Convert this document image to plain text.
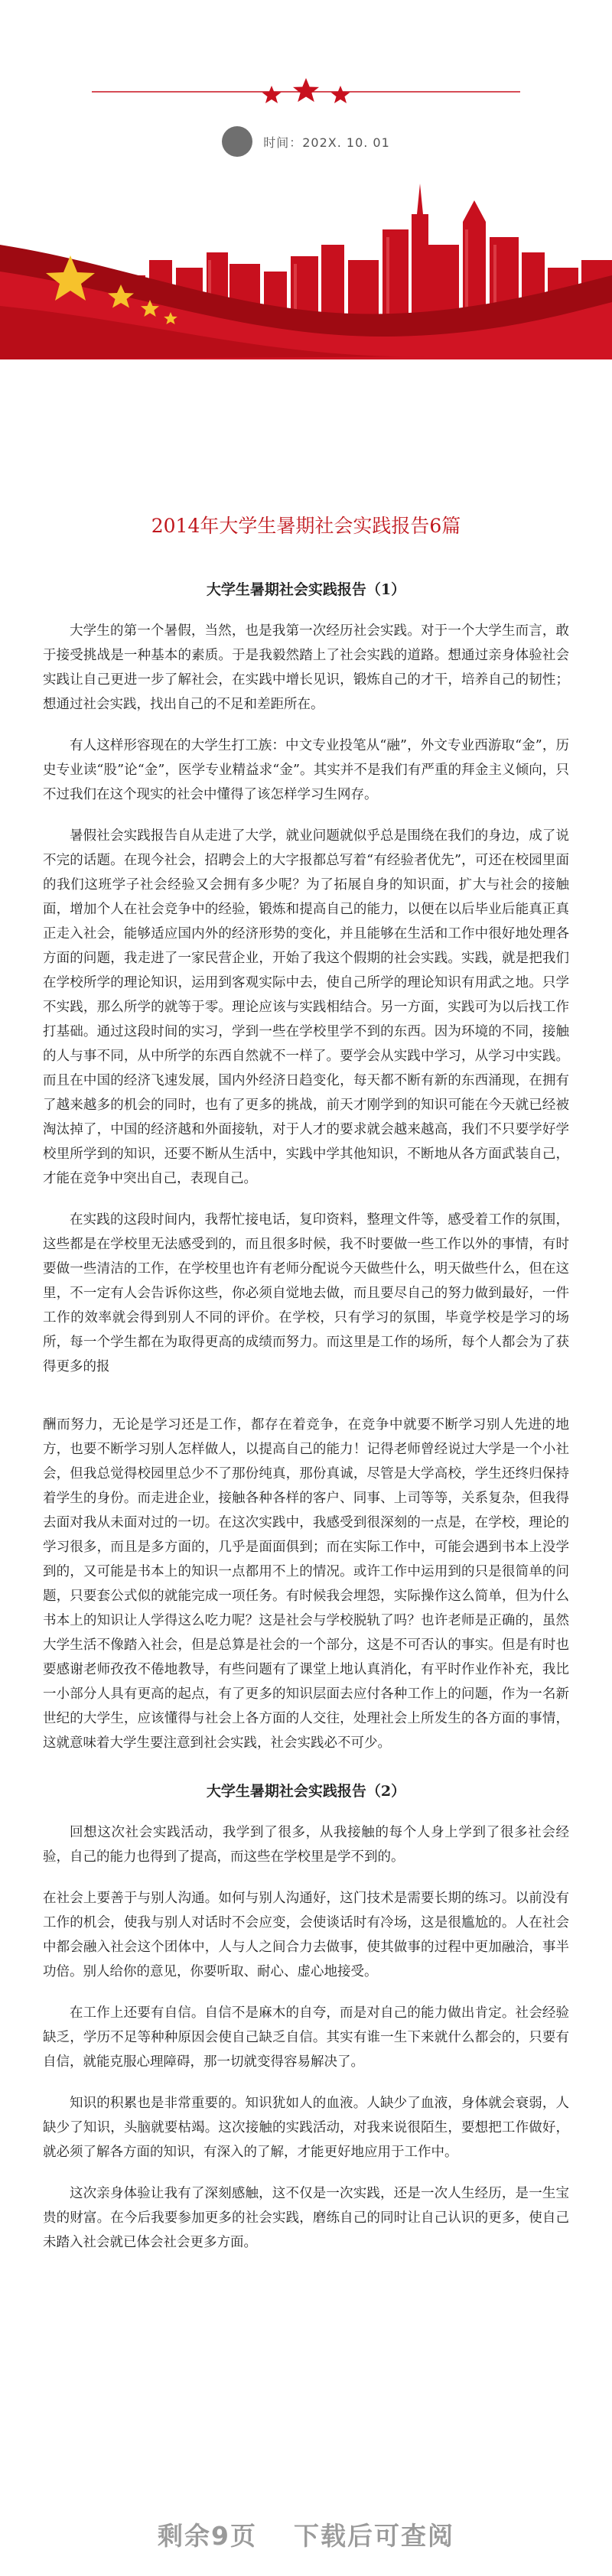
时间：202X. 10. 01
2014年大学生暑期社会实践报告6篇
大学生暑期社会实践报告（1）

大学生的第一个暑假，当然，也是我第一次经历社会实践。对于一个大学生而言，敢于接受挑战是一种基本的素质。于是我毅然踏上了社会实践的道路。想通过亲身体验社会实践让自己更进一步了解社会，在实践中增长见识，锻炼自己的才干，培养自己的韧性；想通过社会实践，找出自己的不足和差距所在。

有人这样形容现在的大学生打工族：中文专业投笔从“融”，外文专业西游取“金”，历史专业读“股”论“金”，医学专业精益求“金”。其实并不是我们有严重的拜金主义倾向，只不过我们在这个现实的社会中懂得了该怎样学习生网存。

暑假社会实践报告自从走进了大学，就业问题就似乎总是围绕在我们的身边，成了说不完的话题。在现今社会，招聘会上的大字报都总写着“有经验者优先”，可还在校园里面的我们这班学子社会经验又会拥有多少呢？为了拓展自身的知识面，扩大与社会的接触面，增加个人在社会竞争中的经验，锻炼和提高自己的能力，以便在以后毕业后能真正真正走入社会，能够适应国内外的经济形势的变化，并且能够在生活和工作中很好地处理各方面的问题，我走进了一家民营企业，开始了我这个假期的社会实践。实践，就是把我们在学校所学的理论知识，运用到客观实际中去，使自己所学的理论知识有用武之地。只学不实践，那么所学的就等于零。理论应该与实践相结合。另一方面，实践可为以后找工作打基础。通过这段时间的实习，学到一些在学校里学不到的东西。因为环境的不同，接触的人与事不同，从中所学的东西自然就不一样了。要学会从实践中学习，从学习中实践。而且在中国的经济飞速发展，国内外经济日趋变化，每天都不断有新的东西涌现，在拥有了越来越多的机会的同时，也有了更多的挑战，前天才刚学到的知识可能在今天就已经被淘汰掉了，中国的经济越和外面接轨，对于人才的要求就会越来越高，我们不只要学好学校里所学到的知识，还要不断从生活中，实践中学其他知识，不断地从各方面武装自己，才能在竞争中突出自己，表现自己。

在实践的这段时间内，我帮忙接电话，复印资料，整理文件等，感受着工作的氛围，这些都是在学校里无法感受到的，而且很多时候，我不时要做一些工作以外的事情，有时要做一些清洁的工作，在学校里也许有老师分配说今天做些什么，明天做些什么，但在这里，不一定有人会告诉你这些，你必须自觉地去做，而且要尽自己的努力做到最好，一件工作的效率就会得到别人不同的评价。在学校，只有学习的氛围，毕竟学校是学习的场所，每一个学生都在为取得更高的成绩而努力。而这里是工作的场所，每个人都会为了获得更多的报

酬而努力，无论是学习还是工作，都存在着竞争，在竞争中就要不断学习别人先进的地方，也要不断学习别人怎样做人，以提高自己的能力！记得老师曾经说过大学是一个小社会，但我总觉得校园里总少不了那份纯真，那份真诚，尽管是大学高校，学生还终归保持着学生的身份。而走进企业，接触各种各样的客户、同事、上司等等，关系复杂，但我得去面对我从未面对过的一切。在这次实践中，我感受到很深刻的一点是，在学校，理论的学习很多，而且是多方面的，几乎是面面俱到；而在实际工作中，可能会遇到书本上没学到的，又可能是书本上的知识一点都用不上的情况。或许工作中运用到的只是很简单的问题，只要套公式似的就能完成一项任务。有时候我会埋怨，实际操作这么简单，但为什么书本上的知识让人学得这么吃力呢？这是社会与学校脱轨了吗？也许老师是正确的，虽然大学生活不像踏入社会，但是总算是社会的一个部分，这是不可否认的事实。但是有时也要感谢老师孜孜不倦地教导，有些问题有了课堂上地认真消化，有平时作业作补充，我比一小部分人具有更高的起点，有了更多的知识层面去应付各种工作上的问题，作为一名新世纪的大学生，应该懂得与社会上各方面的人交往，处理社会上所发生的各方面的事情，这就意味着大学生要注意到社会实践，社会实践必不可少。

大学生暑期社会实践报告（2）

回想这次社会实践活动，我学到了很多，从我接触的每个人身上学到了很多社会经验，自己的能力也得到了提高，而这些在学校里是学不到的。

在社会上要善于与别人沟通。如何与别人沟通好，这门技术是需要长期的练习。以前没有工作的机会，使我与别人对话时不会应变，会使谈话时有冷场，这是很尴尬的。人在社会中都会融入社会这个团体中，人与人之间合力去做事，使其做事的过程中更加融洽，事半功倍。别人给你的意见，你要听取、耐心、虚心地接受。

在工作上还要有自信。自信不是麻木的自夸，而是对自己的能力做出肯定。社会经验缺乏，学历不足等种种原因会使自己缺乏自信。其实有谁一生下来就什么都会的，只要有自信，就能克服心理障碍，那一切就变得容易解决了。

知识的积累也是非常重要的。知识犹如人的血液。人缺少了血液，身体就会衰弱，人缺少了知识，头脑就要枯竭。这次接触的实践活动，对我来说很陌生，要想把工作做好，就必须了解各方面的知识，有深入的了解，才能更好地应用于工作中。

这次亲身体验让我有了深刻感触，这不仅是一次实践，还是一次人生经历，是一生宝贵的财富。在今后我要参加更多的社会实践，磨练自己的同时让自己认识的更多，使自己未踏入社会就已体会社会更多方面。

剩余9页 下载后可查阅
